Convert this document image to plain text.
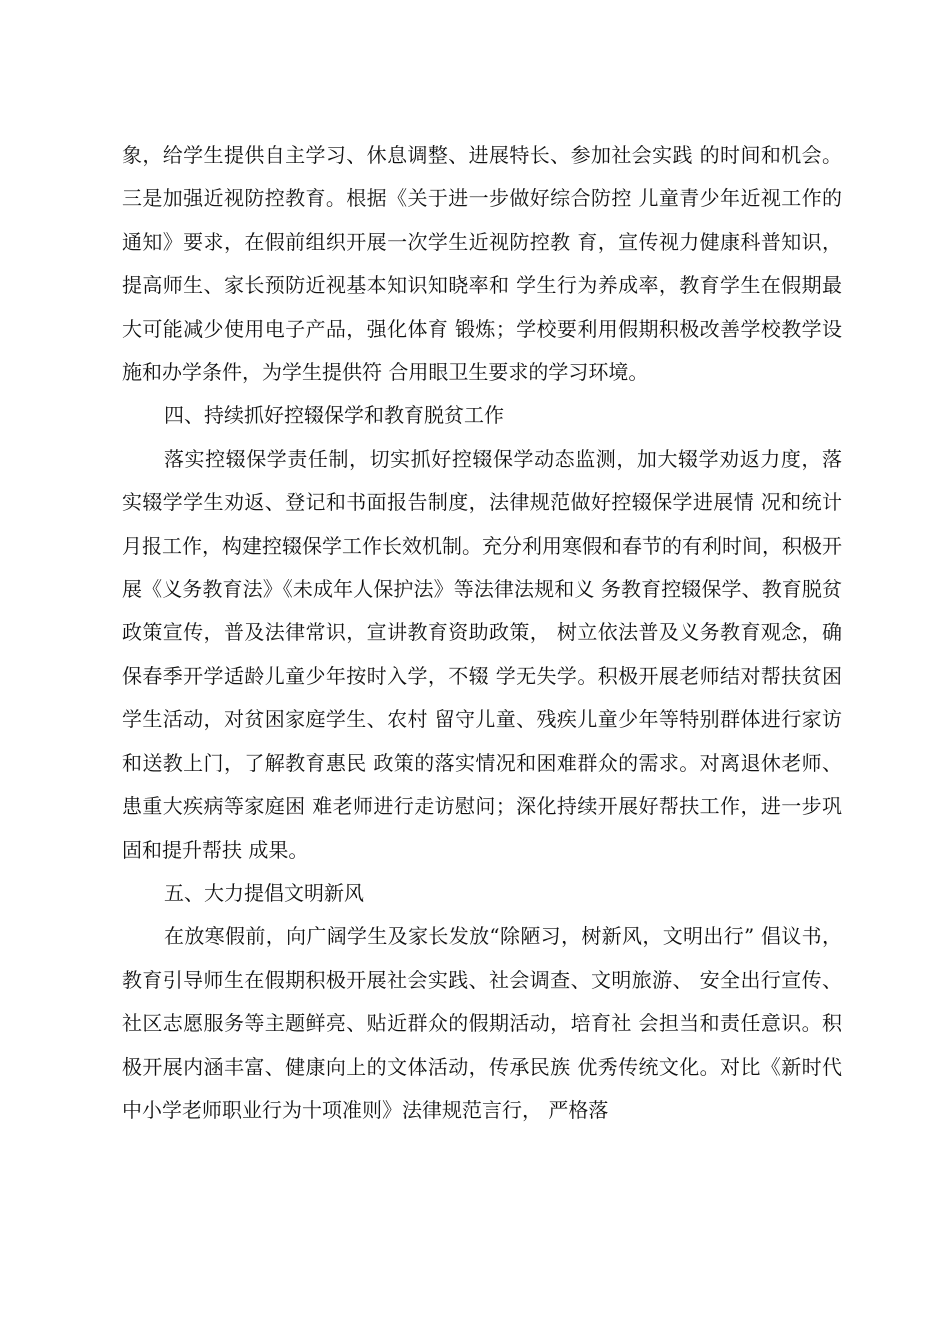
象，给学生提供自主学习、休息调整、进展特长、参加社会实践 的时间和机会。三是加强近视防控教育。根据《关于进一步做好综合防控 儿童青少年近视工作的通知》要求，在假前组织开展一次学生近视防控教 育，宣传视力健康科普知识，提高师生、家长预防近视基本知识知晓率和 学生行为养成率，教育学生在假期最大可能减少使用电子产品，强化体育 锻炼；学校要利用假期积极改善学校教学设施和办学条件，为学生提供符 合用眼卫生要求的学习环境。

四、持续抓好控辍保学和教育脱贫工作

落实控辍保学责任制，切实抓好控辍保学动态监测，加大辍学劝返力度，落实辍学学生劝返、登记和书面报告制度，法律规范做好控辍保学进展情 况和统计月报工作，构建控辍保学工作长效机制。充分利用寒假和春节的有利时间，积极开展《义务教育法》《未成年人保护法》等法律法规和义 务教育控辍保学、教育脱贫政策宣传，普及法律常识，宣讲教育资助政策， 树立依法普及义务教育观念，确保春季开学适龄儿童少年按时入学，不辍 学无失学。积极开展老师结对帮扶贫困学生活动，对贫困家庭学生、农村 留守儿童、残疾儿童少年等特别群体进行家访和送教上门，了解教育惠民 政策的落实情况和困难群众的需求。对离退休老师、患重大疾病等家庭困 难老师进行走访慰问；深化持续开展好帮扶工作，进一步巩固和提升帮扶 成果。

五、大力提倡文明新风

在放寒假前，向广阔学生及家长发放“除陋习，树新风，文明出行” 倡议书，教育引导师生在假期积极开展社会实践、社会调查、文明旅游、 安全出行宣传、社区志愿服务等主题鲜亮、贴近群众的假期活动，培育社 会担当和责任意识。积极开展内涵丰富、健康向上的文体活动，传承民族 优秀传统文化。对比《新时代中小学老师职业行为十项准则》法律规范言行， 严格落
